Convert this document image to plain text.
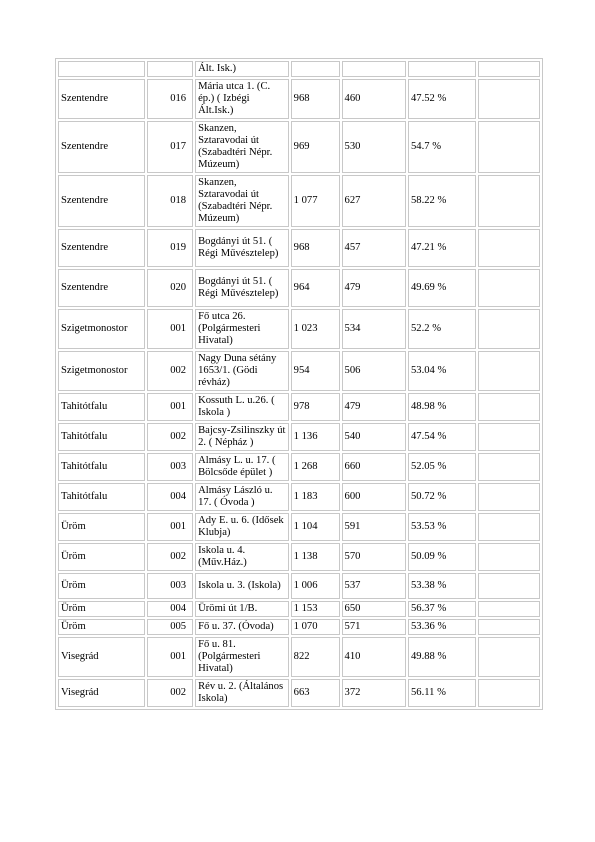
		Ált. Isk.)				
Szentendre	016	Mária utca 1. (C. ép.) ( Izbégi Ált.Isk.)	968	460	47.52 %	
Szentendre	017	Skanzen, Sztaravodai út (Szabadtéri Népr. Múzeum)	969	530	54.7 %	
Szentendre	018	Skanzen, Sztaravodai út (Szabadtéri Népr. Múzeum)	1 077	627	58.22 %	
Szentendre	019	Bogdányi út 51. ( Régi Művésztelep)	968	457	47.21 %	
Szentendre	020	Bogdányi út 51. ( Régi Művésztelep)	964	479	49.69 %	
Szigetmonostor	001	Fő utca 26. (Polgármesteri Hivatal)	1 023	534	52.2 %	
Szigetmonostor	002	Nagy Duna sétány 1653/1. (Gödi révház)	954	506	53.04 %	
Tahitótfalu	001	Kossuth L. u.26. ( Iskola )	978	479	48.98 %	
Tahitótfalu	002	Bajcsy-Zsilinszky út 2. ( Népház )	1 136	540	47.54 %	
Tahitótfalu	003	Almásy L. u. 17. ( Bölcsőde épület )	1 268	660	52.05 %	
Tahitótfalu	004	Almásy László u. 17. ( Óvoda )	1 183	600	50.72 %	
Üröm	001	Ady E. u. 6. (Idősek Klubja)	1 104	591	53.53 %	
Üröm	002	Iskola u. 4. (Műv.Ház.)	1 138	570	50.09 %	
Üröm	003	Iskola u. 3. (Iskola)	1 006	537	53.38 %	
Üröm	004	Ürömi út 1/B.	1 153	650	56.37 %	
Üröm	005	Fő u. 37. (Óvoda)	1 070	571	53.36 %	
Visegrád	001	Fő u. 81. (Polgármesteri Hivatal)	822	410	49.88 %	
Visegrád	002	Rév u. 2. (Általános Iskola)	663	372	56.11 %	
